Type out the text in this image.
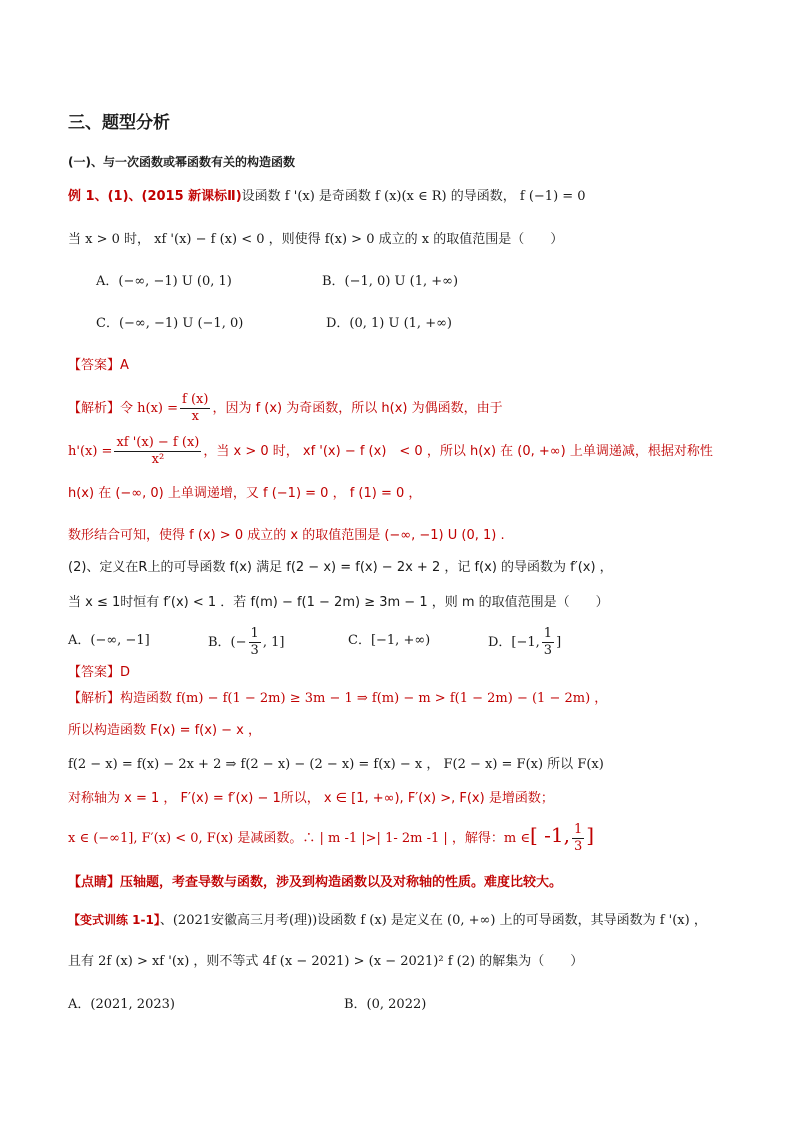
三、题型分析
(一)、与一次函数或幂函数有关的构造函数
例 1、(1)、(2015 新课标Ⅱ)设函数 f '(x) 是奇函数 f (x)(x ∈ R) 的导函数， f (−1) = 0
当 x > 0 时， xf '(x) − f (x) < 0 ，则使得 f(x) > 0 成立的 x 的取值范围是（　　）
A．(−∞, −1) U (0, 1)	B．(−1, 0) U (1, +∞)
C．(−∞, −1) U (−1, 0)	D．(0, 1) U (1, +∞)
【答案】A
【解析】令 $h(x) = \frac{f (x)}{x}$ ，因为 f (x) 为奇函数，所以 h(x) 为偶函数，由于
$h'(x) = \frac{xf '(x) - f (x)}{\text{x²}}$ ，当 x > 0 时， xf '(x) − f (x)　< 0 ，所以 h(x) 在 (0, +∞) 上单调递减，根据对称性
h(x) 在 (−∞, 0) 上单调递增，又 f (−1) = 0 ， f (1) = 0 ，
数形结合可知，使得 f (x) > 0 成立的 x 的取值范围是 (−∞, −1) U (0, 1) .
(2)、定义在R上的可导函数 f(x) 满足 f(2 − x) = f(x) − 2x + 2 ，记 f(x) 的导函数为 f′(x) ，
当 x ≤ 1时恒有 f′(x) < 1 ．若 f(m) − f(1 − 2m) ≥ 3m − 1 ，则 m 的取值范围是（　　）
A．(−∞, −1]	B．(− $\frac{1}{3}$ , 1]	C．[−1, +∞)	D．[−1, $\frac{1}{3}$ ]
【答案】D
【解析】构造函数 f(m) − f(1 − 2m) ≥ 3m − 1 ⇒ f(m) − m > f(1 − 2m) − (1 − 2m) ，
所以构造函数 F(x) = f(x) − x ，
f(2 − x) = f(x) − 2x + 2 ⇒ f(2 − x) − (2 − x) = f(x) − x ， F(2 − x) = F(x) 所以 F(x)
对称轴为 x = 1 ， F′(x) = f′(x) − 1所以， x ∈ [1, +∞), F′(x) >, F(x) 是增函数；
x ∈ (−∞1], F′(x) < 0, F(x) 是减函数。∴ | m -1 |>| 1- 2m -1 | ，解得：m ∈[ -1, $\frac{1}{3}$ ]
【点睛】压轴题，考查导数与函数，涉及到构造函数以及对称轴的性质。难度比较大。
【变式训练 1-1】、(2021安徽高三月考(理))设函数 f (x) 是定义在 (0, +∞) 上的可导函数，其导函数为 f '(x) ，
且有 2f (x) > xf '(x) ，则不等式 4f (x − 2021) > (x − 2021)² f (2) 的解集为（　　）
A．(2021, 2023)	B．(0, 2022)
